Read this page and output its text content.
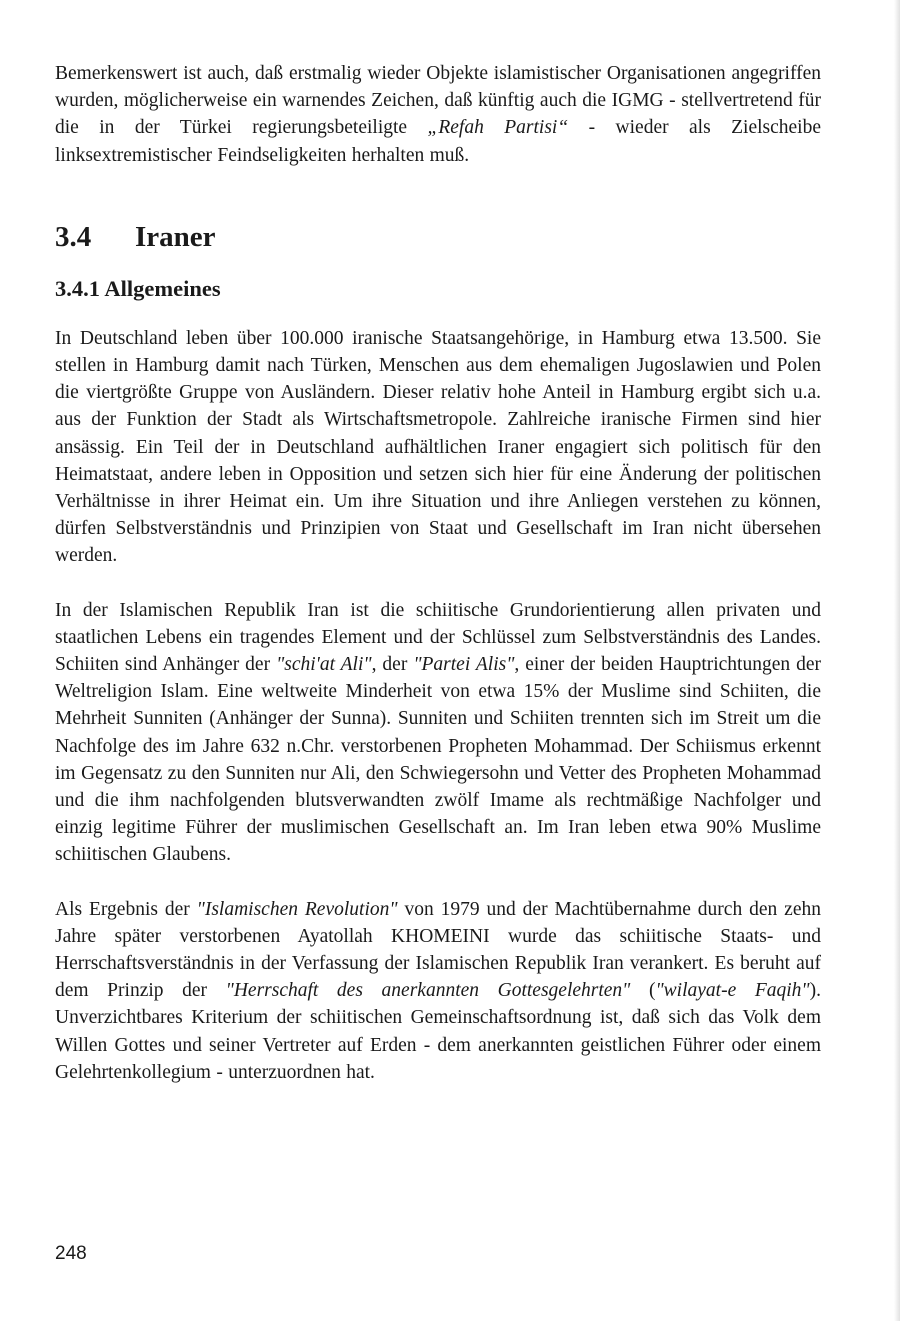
Bemerkenswert ist auch, daß erstmalig wieder Objekte islamistischer Organisationen angegriffen wurden, möglicherweise ein warnendes Zeichen, daß künftig auch die IGMG - stellvertretend für die in der Türkei regierungsbeteiligte „Refah Partisi“ - wieder als Zielscheibe linksextremistischer Feindseligkeiten herhalten muß.

3.4	Iraner
3.4.1 Allgemeines

In Deutschland leben über 100.000 iranische Staatsangehörige, in Hamburg etwa 13.500. Sie stellen in Hamburg damit nach Türken, Menschen aus dem ehemaligen Jugoslawien und Polen die viertgrößte Gruppe von Ausländern. Dieser relativ hohe Anteil in Hamburg ergibt sich u.a. aus der Funktion der Stadt als Wirtschaftsmetropole. Zahlreiche iranische Firmen sind hier ansässig. Ein Teil der in Deutschland aufhältlichen Iraner engagiert sich politisch für den Heimatstaat, andere leben in Opposition und setzen sich hier für eine Änderung der politischen Verhältnisse in ihrer Heimat ein. Um ihre Situation und ihre Anliegen verstehen zu können, dürfen Selbstverständnis und Prinzipien von Staat und Gesellschaft im Iran nicht übersehen werden.

In der Islamischen Republik Iran ist die schiitische Grundorientierung allen privaten und staatlichen Lebens ein tragendes Element und der Schlüssel zum Selbstverständnis des Landes. Schiiten sind Anhänger der "schi'at Ali", der "Partei Alis", einer der beiden Hauptrichtungen der Weltreligion Islam. Eine weltweite Minderheit von etwa 15% der Muslime sind Schiiten, die Mehrheit Sunniten (Anhänger der Sunna). Sunniten und Schiiten trennten sich im Streit um die Nachfolge des im Jahre 632 n.Chr. verstorbenen Propheten Mohammad. Der Schiismus erkennt im Gegensatz zu den Sunniten nur Ali, den Schwiegersohn und Vetter des Propheten Mohammad und die ihm nachfolgenden blutsverwandten zwölf Imame als rechtmäßige Nachfolger und einzig legitime Führer der muslimischen Gesellschaft an. Im Iran leben etwa 90% Muslime schiitischen Glaubens.

Als Ergebnis der "Islamischen Revolution" von 1979 und der Machtübernahme durch den zehn Jahre später verstorbenen Ayatollah KHOMEINI wurde das schiitische Staats- und Herrschaftsverständnis in der Verfassung der Islamischen Republik Iran verankert. Es beruht auf dem Prinzip der "Herrschaft des anerkannten Gottesgelehrten" ("wilayat-e Faqih"). Unverzichtbares Kriterium der schiitischen Gemeinschaftsordnung ist, daß sich das Volk dem Willen Gottes und seiner Vertreter auf Erden - dem anerkannten geistlichen Führer oder einem Gelehrtenkollegium - unterzuordnen hat.

248
